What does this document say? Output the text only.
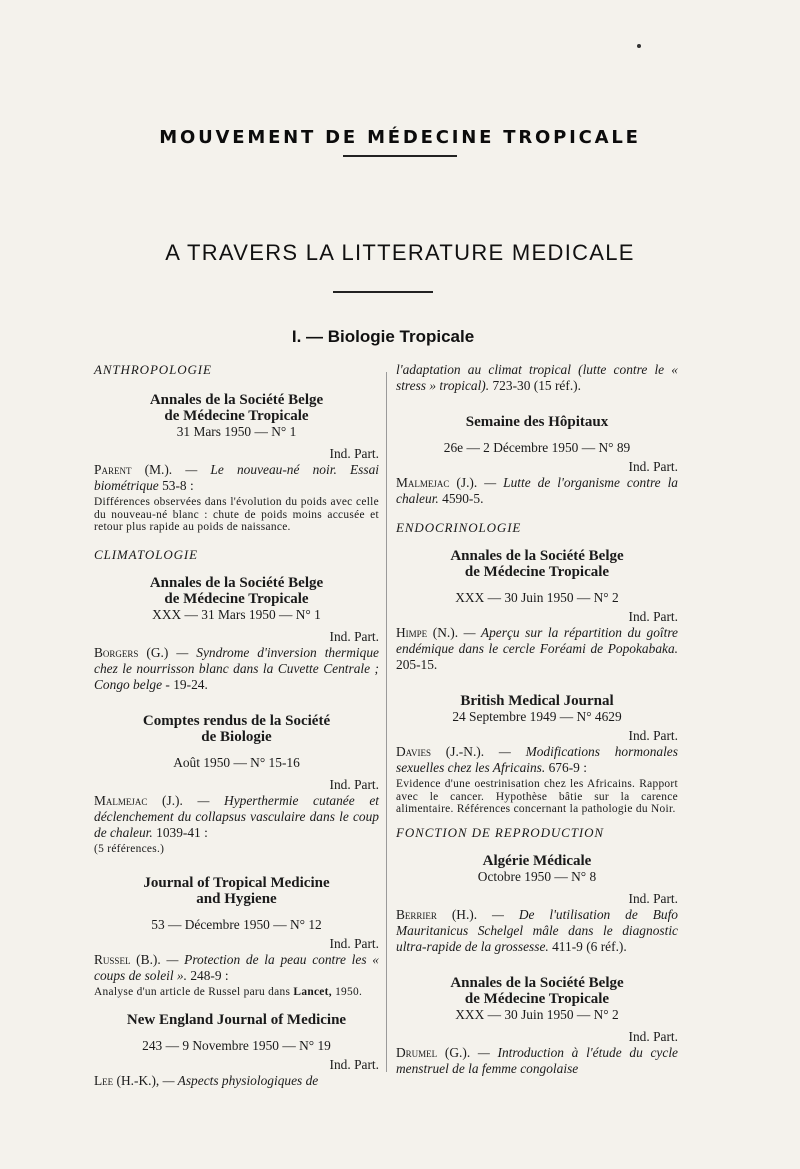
MOUVEMENT DE MÉDECINE TROPICALE
A TRAVERS LA LITTERATURE MEDICALE
I. — Biologie Tropicale

ANTHROPOLOGIE

Annales de la Société Belge

de Médecine Tropicale

31 Mars 1950 — N° 1

Ind. Part.

Parent (M.). — Le nouveau-né noir. Essai biométrique 53-8 :

Différences observées dans l'évolution du poids avec celle du nouveau-né blanc : chute de poids moins accusée et retour plus rapide au poids de naissance.

CLIMATOLOGIE

Annales de la Société Belge

de Médecine Tropicale

XXX — 31 Mars 1950 — N° 1

Ind. Part.

Borgers (G.) — Syndrome d'inversion thermique chez le nourrisson blanc dans la Cuvette Centrale ; Congo belge - 19-24.

Comptes rendus de la Société

de Biologie

Août 1950 — N° 15-16

Ind. Part.

Malmejac (J.). — Hyperthermie cutanée et déclenchement du collapsus vasculaire dans le coup de chaleur. 1039-41 :

(5 références.)

Journal of Tropical Medicine

and Hygiene

53 — Décembre 1950 — N° 12

Ind. Part.

Russel (B.). — Protection de la peau contre les « coups de soleil ». 248-9 :

Analyse d'un article de Russel paru dans Lancet, 1950.

New England Journal of Medicine

243 — 9 Novembre 1950 — N° 19

Ind. Part.

Lee (H.-K.), — Aspects physiologiques de

l'adaptation au climat tropical (lutte contre le « stress » tropical). 723-30 (15 réf.).

Semaine des Hôpitaux

26e — 2 Décembre 1950 — N° 89

Ind. Part.

Malmejac (J.). — Lutte de l'organisme contre la chaleur. 4590-5.

ENDOCRINOLOGIE

Annales de la Société Belge

de Médecine Tropicale

XXX — 30 Juin 1950 — N° 2

Ind. Part.

Himpe (N.). — Aperçu sur la répartition du goître endémique dans le cercle Foréami de Popokabaka. 205-15.

British Medical Journal

24 Septembre 1949 — N° 4629

Ind. Part.

Davies (J.-N.). — Modifications hormonales sexuelles chez les Africains. 676-9 :

Evidence d'une oestrinisation chez les Africains. Rapport avec le cancer. Hypothèse bâtie sur la carence alimentaire. Références concernant la pathologie du Noir.

FONCTION DE REPRODUCTION

Algérie Médicale

Octobre 1950 — N° 8

Ind. Part.

Berrier (H.). — De l'utilisation de Bufo Mauritanicus Schelgel mâle dans le diagnostic ultra-rapide de la grossesse. 411-9 (6 réf.).

Annales de la Société Belge

de Médecine Tropicale

XXX — 30 Juin 1950 — N° 2

Ind. Part.

Drumel (G.). — Introduction à l'étude du cycle menstruel de la femme congolaise
